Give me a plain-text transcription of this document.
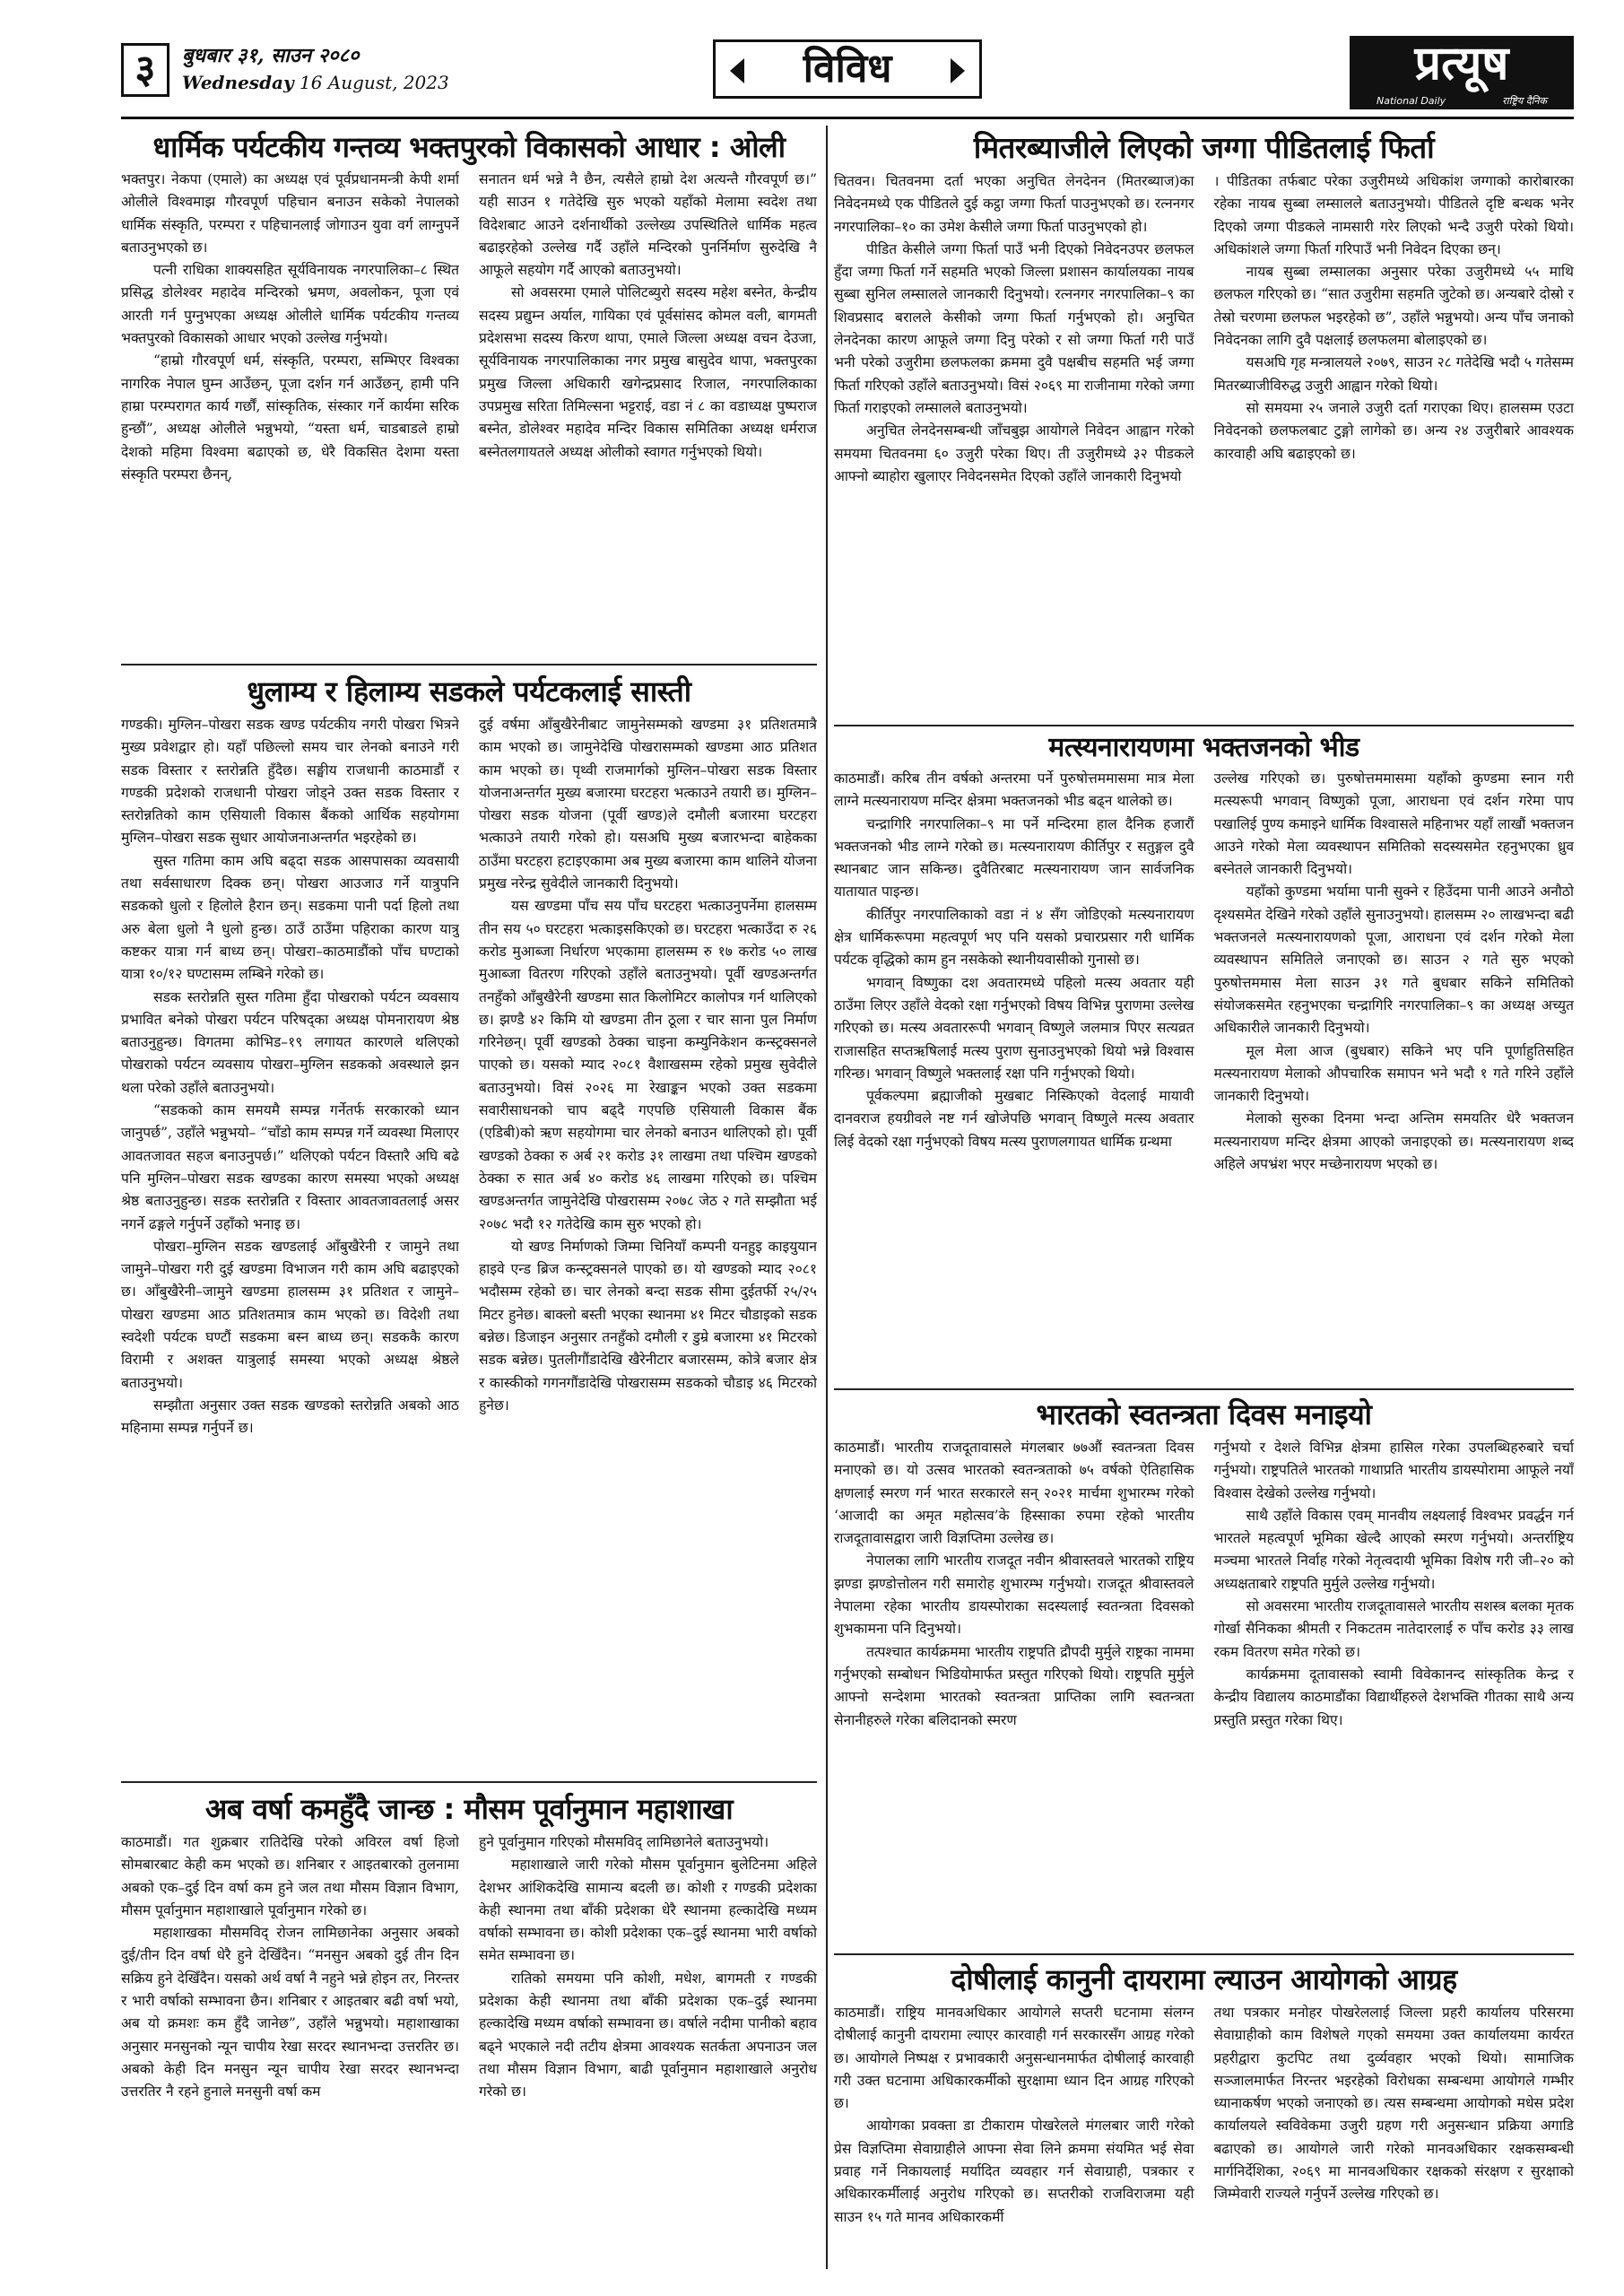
३	बुधबार ३१, साउन २०८०
Wednesday 16 August, 2023	विविध	प्रत्यूष
National Daily	राष्ट्रिय दैनिक
धार्मिक पर्यटकीय गन्तव्य भक्तपुरको विकासको आधार : ओली

भक्तपुर। नेकपा (एमाले) का अध्यक्ष एवं पूर्वप्रधानमन्त्री केपी शर्मा ओलीले विश्वमाझ गौरवपूर्ण पहिचान बनाउन सकेको नेपालको धार्मिक संस्कृति, परम्परा र पहिचानलाई जोगाउन युवा वर्ग लाग्नुपर्ने बताउनुभएको छ।

पत्नी राधिका शाक्यसहित सूर्यविनायक नगरपालिका–८ स्थित प्रसिद्ध डोलेश्वर महादेव मन्दिरको भ्रमण, अवलोकन, पूजा एवं आरती गर्न पुग्नुभएका अध्यक्ष ओलीले धार्मिक पर्यटकीय गन्तव्य भक्तपुरको विकासको आधार भएको उल्लेख गर्नुभयो।

“हाम्रो गौरवपूर्ण धर्म, संस्कृति, परम्परा, सम्भिएर विश्वका नागरिक नेपाल घुम्न आउँछन्, पूजा दर्शन गर्न आउँछन्, हामी पनि हाम्रा परम्परागत कार्य गर्छौं, सांस्कृतिक, संस्कार गर्ने कार्यमा सरिक हुन्छौं”, अध्यक्ष ओलीले भन्नुभयो, “यस्ता धर्म, चाडबाडले हाम्रो देशको महिमा विश्वमा बढाएको छ, धेरै विकसित देशमा यस्ता संस्कृति परम्परा छैनन्,

सनातन धर्म भन्ने नै छैन, त्यसैले हाम्रो देश अत्यन्तै गौरवपूर्ण छ।” यही साउन १ गतेदेखि सुरु भएको यहाँको मेलामा स्वदेश तथा विदेशबाट आउने दर्शनार्थीको उल्लेख्य उपस्थितिले धार्मिक महत्व बढाइरहेको उल्लेख गर्दै उहाँले मन्दिरको पुनर्निर्माण सुरुदेखि नै आफूले सहयोग गर्दै आएको बताउनुभयो।

सो अवसरमा एमाले पोलिटब्युरो सदस्य महेश बस्नेत, केन्द्रीय सदस्य प्रद्युम्न अर्याल, गायिका एवं पूर्वसांसद कोमल वली, बागमती प्रदेशसभा सदस्य किरण थापा, एमाले जिल्ला अध्यक्ष वचन देउजा, सूर्यविनायक नगरपालिकाका नगर प्रमुख बासुदेव थापा, भक्तपुरका प्रमुख जिल्ला अधिकारी खगेन्द्रप्रसाद रिजाल, नगरपालिकाका उपप्रमुख सरिता तिमिल्सना भट्टराई, वडा नं ८ का वडाध्यक्ष पुष्पराज बस्नेत, डोलेश्वर महादेव मन्दिर विकास समितिका अध्यक्ष धर्मराज बस्नेतलगायतले अध्यक्ष ओलीको स्वागत गर्नुभएको थियो।

धुलाम्य र हिलाम्य सडकले पर्यटकलाई सास्ती

गण्डकी। मुग्लिन–पोखरा सडक खण्ड पर्यटकीय नगरी पोखरा भित्रने मुख्य प्रवेशद्वार हो। यहाँ पछिल्लो समय चार लेनको बनाउने गरी सडक विस्तार र स्तरोन्नति हुँदैछ। सङ्घीय राजधानी काठमाडौं र गण्डकी प्रदेशको राजधानी पोखरा जोड्ने उक्त सडक विस्तार र स्तरोन्नतिको काम एसियाली विकास बैंकको आर्थिक सहयोगमा मुग्लिन–पोखरा सडक सुधार आयोजनाअन्तर्गत भइरहेको छ।

सुस्त गतिमा काम अघि बढ्दा सडक आसपासका व्यवसायी तथा सर्वसाधारण दिक्क छन्। पोखरा आउजाउ गर्ने यात्रुपनि सडकको धुलो र हिलोले हैरान छन्। सडकमा पानी पर्दा हिलो तथा अरु बेला धुलो नै धुलो हुन्छ। ठाउँ ठाउँमा पहिराका कारण यात्रु कष्टकर यात्रा गर्न बाध्य छन्। पोखरा–काठमाडौंको पाँच घण्टाको यात्रा १०/१२ घण्टासम्म लम्बिने गरेको छ।

सडक स्तरोन्नति सुस्त गतिमा हुँदा पोखराको पर्यटन व्यवसाय प्रभावित बनेको पोखरा पर्यटन परिषद्का अध्यक्ष पोमनारायण श्रेष्ठ बताउनुहुन्छ। विगतमा कोभिड–१९ लगायत कारणले थलिएको पोखराको पर्यटन व्यवसाय पोखरा–मुग्लिन सडकको अवस्थाले झन थला परेको उहाँले बताउनुभयो।

“सडकको काम समयमै सम्पन्न गर्नेतर्फ सरकारको ध्यान जानुपर्छ”, उहाँले भन्नुभयो– “चाँडो काम सम्पन्न गर्ने व्यवस्था मिलाएर आवतजावत सहज बनाउनुपर्छ।” थलिएको पर्यटन विस्तारै अघि बढे पनि मुग्लिन–पोखरा सडक खण्डका कारण समस्या भएको अध्यक्ष श्रेष्ठ बताउनुहुन्छ। सडक स्तरोन्नति र विस्तार आवतजावतलाई असर नगर्ने ढङ्गले गर्नुपर्ने उहाँको भनाइ छ।

पोखरा–मुग्लिन सडक खण्डलाई आँबुखैरेनी र जामुने तथा जामुने–पोखरा गरी दुई खण्डमा विभाजन गरी काम अघि बढाइएको छ। आँबुखैरेनी–जामुने खण्डमा हालसम्म ३१ प्रतिशत र जामुने–पोखरा खण्डमा आठ प्रतिशतमात्र काम भएको छ। विदेशी तथा स्वदेशी पर्यटक घण्टौं सडकमा बस्न बाध्य छन्। सडककै कारण विरामी र अशक्त यात्रुलाई समस्या भएको अध्यक्ष श्रेष्ठले बताउनुभयो।

सम्झौता अनुसार उक्त सडक खण्डको स्तरोन्नति अबको आठ महिनामा सम्पन्न गर्नुपर्ने छ।

दुई वर्षमा आँबुखैरेनीबाट जामुनेसम्मको खण्डमा ३१ प्रतिशतमात्रै काम भएको छ। जामुनेदेखि पोखरासम्मको खण्डमा आठ प्रतिशत काम भएको छ। पृथ्वी राजमार्गको मुग्लिन–पोखरा सडक विस्तार योजनाअन्तर्गत मुख्य बजारमा घरटहरा भत्काउने तयारी छ। मुग्लिन–पोखरा सडक योजना (पूर्वी खण्ड)ले दमौली बजारमा घरटहरा भत्काउने तयारी गरेको हो। यसअघि मुख्य बजारभन्दा बाहेकका ठाउँमा घरटहरा हटाइएकामा अब मुख्य बजारमा काम थालिने योजना प्रमुख नरेन्द्र सुवेदीले जानकारी दिनुभयो।

यस खण्डमा पाँच सय पाँच घरटहरा भत्काउनुपर्नेमा हालसम्म तीन सय ५० घरटहरा भत्काइसकिएको छ। घरटहरा भत्काउँदा रु २६ करोड मुआब्जा निर्धारण भएकामा हालसम्म रु १७ करोड ५० लाख मुआब्जा वितरण गरिएको उहाँले बताउनुभयो। पूर्वी खण्डअन्तर्गत तनहुँको आँबुखैरेनी खण्डमा सात किलोमिटर कालोपत्र गर्न थालिएको छ। झण्डै ४२ किमि यो खण्डमा तीन ठूला र चार साना पुल निर्माण गरिनेछन्। पूर्वी खण्डको ठेक्का चाइना कम्युनिकेशन कन्स्ट्रक्सनले पाएको छ। यसको म्याद २०८१ वैशाखसम्म रहेको प्रमुख सुवेदीले बताउनुभयो। विसं २०२६ मा रेखाङ्कन भएको उक्त सडकमा सवारीसाधनको चाप बढ्दै गएपछि एसियाली विकास बैंक (एडिबी)को ऋण सहयोगमा चार लेनको बनाउन थालिएको हो। पूर्वी खण्डको ठेक्का रु अर्ब २१ करोड ३१ लाखमा तथा पश्चिम खण्डको ठेक्का रु सात अर्ब ४० करोड ४६ लाखमा गरिएको छ। पश्चिम खण्डअन्तर्गत जामुनेदेखि पोखरासम्म २०७८ जेठ २ गते सम्झौता भई २०७८ भदौ १२ गतेदेखि काम सुरु भएको हो।

यो खण्ड निर्माणको जिम्मा चिनियाँ कम्पनी यनहुइ काइयुयान हाइवे एन्ड ब्रिज कन्स्ट्रक्सनले पाएको छ। यो खण्डको म्याद २०८१ भदौसम्म रहेको छ। चार लेनको बन्दा सडक सीमा दुईतर्फी २५/२५ मिटर हुनेछ। बाक्लो बस्ती भएका स्थानमा ४१ मिटर चौडाइको सडक बन्नेछ। डिजाइन अनुसार तनहुँको दमौली र डुम्रे बजारमा ४१ मिटरको सडक बन्नेछ। पुतलीगौंडादेखि खैरेनीटार बजारसम्म, कोत्रे बजार क्षेत्र र कास्कीको गगनगौंडादेखि पोखरासम्म सडकको चौडाइ ४६ मिटरको हुनेछ।

अब वर्षा कमहुँदै जान्छ : मौसम पूर्वानुमान महाशाखा

काठमाडौं। गत शुक्रबार रातिदेखि परेको अविरल वर्षा हिजो सोमबारबाट केही कम भएको छ। शनिबार र आइतबारको तुलनामा अबको एक–दुई दिन वर्षा कम हुने जल तथा मौसम विज्ञान विभाग, मौसम पूर्वानुमान महाशाखाले पूर्वानुमान गरेको छ।

महाशाखका मौसमविद् रोजन लामिछानेका अनुसार अबको दुई/तीन दिन वर्षा धेरै हुने देखिँदैन। “मनसुन अबको दुई तीन दिन सक्रिय हुने देखिँदैन। यसको अर्थ वर्षा नै नहुने भन्ने होइन तर, निरन्तर र भारी वर्षाको सम्भावना छैन। शनिबार र आइतबार बढी वर्षा भयो, अब यो क्रमशः कम हुँदै जानेछ”, उहाँले भन्नुभयो। महाशाखाका अनुसार मनसुनको न्यून चापीय रेखा सरदर स्थानभन्दा उत्तरतिर छ। अबको केही दिन मनसुन न्यून चापीय रेखा सरदर स्थानभन्दा उत्तरतिर नै रहने हुनाले मनसुनी वर्षा कम

हुने पूर्वानुमान गरिएको मौसमविद् लामिछानेले बताउनुभयो।

महाशाखाले जारी गरेको मौसम पूर्वानुमान बुलेटिनमा अहिले देशभर आंशिकदेखि सामान्य बदली छ। कोशी र गण्डकी प्रदेशका केही स्थानमा तथा बाँकी प्रदेशका धेरै स्थानमा हल्कादेखि मध्यम वर्षाको सम्भावना छ। कोशी प्रदेशका एक–दुई स्थानमा भारी वर्षाको समेत सम्भावना छ।

रातिको समयमा पनि कोशी, मधेश, बागमती र गण्डकी प्रदेशका केही स्थानमा तथा बाँकी प्रदेशका एक–दुई स्थानमा हल्कादेखि मध्यम वर्षाको सम्भावना छ। वर्षाले नदीमा पानीको बहाव बढ्ने भएकाले नदी तटीय क्षेत्रमा आवश्यक सतर्कता अपनाउन जल तथा मौसम विज्ञान विभाग, बाढी पूर्वानुमान महाशाखाले अनुरोध गरेको छ।

मितरब्याजीले लिएको जग्गा पीडितलाई फिर्ता

चितवन। चितवनमा दर्ता भएका अनुचित लेनदेनन (मितरब्याज)का निवेदनमध्ये एक पीडितले दुई कट्ठा जग्गा फिर्ता पाउनुभएको छ। रत्ननगर नगरपालिका–१० का उमेश केसीले जग्गा फिर्ता पाउनुभएको हो।

पीडित केसीले जग्गा फिर्ता पाउँ भनी दिएको निवेदनउपर छलफल हुँदा जग्गा फिर्ता गर्ने सहमति भएको जिल्ला प्रशासन कार्यालयका नायब सुब्बा सुनिल लम्सालले जानकारी दिनुभयो। रत्ननगर नगरपालिका–९ का शिवप्रसाद बरालले केसीको जग्गा फिर्ता गर्नुभएको हो। अनुचित लेनदेनका कारण आफूले जग्गा दिनु परेको र सो जग्गा फिर्ता गरी पाउँ भनी परेको उजुरीमा छलफलका क्रममा दुवै पक्षबीच सहमति भई जग्गा फिर्ता गरिएको उहाँले बताउनुभयो। विसं २०६९ मा राजीनामा गरेको जग्गा फिर्ता गराइएको लम्सालले बताउनुभयो।

अनुचित लेनदेनसम्बन्धी जाँचबुझ आयोगले निवेदन आह्वान गरेको समयमा चितवनमा ६० उजुरी परेका थिए। ती उजुरीमध्ये ३२ पीडकले आफ्नो ब्याहोरा खुलाएर निवेदनसमेत दिएको उहाँले जानकारी दिनुभयो

। पीडितका तर्फबाट परेका उजुरीमध्ये अधिकांश जग्गाको कारोबारका रहेका नायब सुब्बा लम्सालले बताउनुभयो। पीडितले दृष्टि बन्धक भनेर दिएको जग्गा पीडकले नामसारी गरेर लिएको भन्दै उजुरी परेको थियो। अधिकांशले जग्गा फिर्ता गरिपाउँ भनी निवेदन दिएका छन्।

नायब सुब्बा लम्सालका अनुसार परेका उजुरीमध्ये ५५ माथि छलफल गरिएको छ। “सात उजुरीमा सहमति जुटेको छ। अन्यबारे दोस्रो र तेस्रो चरणमा छलफल भइरहेको छ”, उहाँले भन्नुभयो। अन्य पाँच जनाको निवेदनका लागि दुवै पक्षलाई छलफलमा बोलाइएको छ।

यसअघि गृह मन्त्रालयले २०७९, साउन २८ गतेदेखि भदौ ५ गतेसम्म मितरब्याजीविरुद्ध उजुरी आह्वान गरेको थियो।

सो समयमा २५ जनाले उजुरी दर्ता गराएका थिए। हालसम्म एउटा निवेदनको छलफलबाट टुङ्गो लागेको छ। अन्य २४ उजुरीबारे आवश्यक कारवाही अघि बढाइएको छ।

मत्स्यनारायणमा भक्तजनको भीड

काठमाडौं। करिब तीन वर्षको अन्तरमा पर्ने पुरुषोत्तममासमा मात्र मेला लाग्ने मत्स्यनारायण मन्दिर क्षेत्रमा भक्तजनको भीड बढ्न थालेको छ।

चन्द्रागिरि नगरपालिका–९ मा पर्ने मन्दिरमा हाल दैनिक हजारौं भक्तजनको भीड लाग्ने गरेको छ। मत्स्यनारायण कीर्तिपुर र सतुङ्गल दुवै स्थानबाट जान सकिन्छ। दुवैतिरबाट मत्स्यनारायण जान सार्वजनिक यातायात पाइन्छ।

कीर्तिपुर नगरपालिकाको वडा नं ४ सँग जोडिएको मत्स्यनारायण क्षेत्र धार्मिकरूपमा महत्वपूर्ण भए पनि यसको प्रचारप्रसार गरी धार्मिक पर्यटक वृद्धिको काम हुन नसकेको स्थानीयवासीको गुनासो छ।

भगवान् विष्णुका दश अवतारमध्ये पहिलो मत्स्य अवतार यही ठाउँमा लिएर उहाँले वेदको रक्षा गर्नुभएको विषय विभिन्न पुराणमा उल्लेख गरिएको छ। मत्स्य अवताररूपी भगवान् विष्णुले जलमात्र पिएर सत्यव्रत राजासहित सप्तऋषिलाई मत्स्य पुराण सुनाउनुभएको थियो भन्ने विश्वास गरिन्छ। भगवान् विष्णुले भक्तलाई रक्षा पनि गर्नुभएको थियो।

पूर्वकल्पमा ब्रह्माजीको मुखबाट निस्किएको वेदलाई मायावी दानवराज हयग्रीवले नष्ट गर्न खोजेपछि भगवान् विष्णुले मत्स्य अवतार लिई वेदको रक्षा गर्नुभएको विषय मत्स्य पुराणलगायत धार्मिक ग्रन्थमा

उल्लेख गरिएको छ। पुरुषोत्तममासमा यहाँको कुण्डमा स्नान गरी मत्स्यरूपी भगवान् विष्णुको पूजा, आराधना एवं दर्शन गरेमा पाप पखालिई पुण्य कमाइने धार्मिक विश्वासले महिनाभर यहाँ लाखौं भक्तजन आउने गरेको मेला व्यवस्थापन समितिको सदस्यसमेत रहनुभएका ध्रुव बस्नेतले जानकारी दिनुभयो।

यहाँको कुण्डमा भर्यामा पानी सुक्ने र हिउँदमा पानी आउने अनौठो दृश्यसमेत देखिने गरेको उहाँले सुनाउनुभयो। हालसम्म २० लाखभन्दा बढी भक्तजनले मत्स्यनारायणको पूजा, आराधना एवं दर्शन गरेको मेला व्यवस्थापन समितिले जनाएको छ। साउन २ गते सुरु भएको पुरुषोत्तममास मेला साउन ३१ गते बुधबार सकिने समितिको संयोजकसमेत रहनुभएका चन्द्रागिरि नगरपालिका–९ का अध्यक्ष अच्युत अधिकारीले जानकारी दिनुभयो।

मूल मेला आज (बुधबार) सकिने भए पनि पूर्णाहुतिसहित मत्स्यनारायण मेलाको औपचारिक समापन भने भदौ १ गते गरिने उहाँले जानकारी दिनुभयो।

मेलाको सुरुका दिनमा भन्दा अन्तिम समयतिर धेरै भक्तजन मत्स्यनारायण मन्दिर क्षेत्रमा आएको जनाइएको छ। मत्स्यनारायण शब्द अहिले अपभ्रंश भएर मच्छेनारायण भएको छ।

भारतको स्वतन्त्रता दिवस मनाइयो

काठमाडौं। भारतीय राजदूतावासले मंगलबार ७७औं स्वतन्त्रता दिवस मनाएको छ। यो उत्सव भारतको स्वतन्त्रताको ७५ वर्षको ऐतिहासिक क्षणलाई स्मरण गर्न भारत सरकारले सन् २०२१ मार्चमा शुभारम्भ गरेको ‘आजादी का अमृत महोत्सव’के हिस्साका रुपमा रहेको भारतीय राजदूतावासद्वारा जारी विज्ञप्तिमा उल्लेख छ।

नेपालका लागि भारतीय राजदूत नवीन श्रीवास्तवले भारतको राष्ट्रिय झण्डा झण्डोत्तोलन गरी समारोह शुभारम्भ गर्नुभयो। राजदूत श्रीवास्तवले नेपालमा रहेका भारतीय डायस्पोराका सदस्यलाई स्वतन्त्रता दिवसको शुभकामना पनि दिनुभयो।

तत्पश्चात कार्यक्रममा भारतीय राष्ट्रपति द्रौपदी मुर्मुले राष्ट्रका नाममा गर्नुभएको सम्बोधन भिडियोमार्फत प्रस्तुत गरिएको थियो। राष्ट्रपति मुर्मुले आफ्नो सन्देशमा भारतको स्वतन्त्रता प्राप्तिका लागि स्वतन्त्रता सेनानीहरुले गरेका बलिदानको स्मरण

गर्नुभयो र देशले विभिन्न क्षेत्रमा हासिल गरेका उपलब्धिहरुबारे चर्चा गर्नुभयो। राष्ट्रपतिले भारतको गाथाप्रति भारतीय डायस्पोरामा आफूले नयाँ विश्वास देखेको उल्लेख गर्नुभयो।

साथै उहाँले विकास एवम् मानवीय लक्ष्यलाई विश्वभर प्रवर्द्धन गर्न भारतले महत्वपूर्ण भूमिका खेल्दै आएको स्मरण गर्नुभयो। अन्तर्राष्ट्रिय मञ्चमा भारतले निर्वाह गरेको नेतृत्वदायी भूमिका विशेष गरी जी–२० को अध्यक्षताबारे राष्ट्रपति मुर्मुले उल्लेख गर्नुभयो।

सो अवसरमा भारतीय राजदूतावासले भारतीय सशस्त्र बलका मृतक गोर्खा सैनिकका श्रीमती र निकटतम नातेदारलाई रु पाँच करोड ३३ लाख रकम वितरण समेत गरेको छ।

कार्यक्रममा दूतावासको स्वामी विवेकानन्द सांस्कृतिक केन्द्र र केन्द्रीय विद्यालय काठमाडौंका विद्यार्थीहरुले देशभक्ति गीतका साथै अन्य प्रस्तुति प्रस्तुत गरेका थिए।

दोषीलाई कानुनी दायरामा ल्याउन आयोगको आग्रह

काठमाडौं। राष्ट्रिय मानवअधिकार आयोगले सप्तरी घटनामा संलग्न दोषीलाई कानुनी दायरामा ल्याएर कारवाही गर्न सरकारसँग आग्रह गरेको छ। आयोगले निष्पक्ष र प्रभावकारी अनुसन्धानमार्फत दोषीलाई कारवाही गरी उक्त घटनामा अधिकारकर्मीको सुरक्षामा ध्यान दिन आग्रह गरिएको छ।

आयोगका प्रवक्ता डा टीकाराम पोखरेलले मंगलबार जारी गरेको प्रेस विज्ञप्तिमा सेवाग्राहीले आफ्ना सेवा लिने क्रममा संयमित भई सेवा प्रवाह गर्ने निकायलाई मर्यादित व्यवहार गर्न सेवाग्राही, पत्रकार र अधिकारकर्मीलाई अनुरोध गरिएको छ। सप्तरीको राजविराजमा यही साउन १५ गते मानव अधिकारकर्मी

तथा पत्रकार मनोहर पोखरेललाई जिल्ला प्रहरी कार्यालय परिसरमा सेवाग्राहीको काम विशेषले गएको समयमा उक्त कार्यालयमा कार्यरत प्रहरीद्वारा कुटपिट तथा दुर्व्यवहार भएको थियो। सामाजिक सञ्जालमार्फत निरन्तर भइरहेको विरोधका सम्बन्धमा आयोगले गम्भीर ध्यानाकर्षण भएको जनाएको छ। त्यस सम्बन्धमा आयोगको मधेस प्रदेश कार्यालयले स्वविवेकमा उजुरी ग्रहण गरी अनुसन्धान प्रक्रिया अगाडि बढाएको छ। आयोगले जारी गरेको मानवअधिकार रक्षकसम्बन्धी मार्गनिर्देशिका, २०६९ मा मानवअधिकार रक्षकको संरक्षण र सुरक्षाको जिम्मेवारी राज्यले गर्नुपर्ने उल्लेख गरिएको छ।
